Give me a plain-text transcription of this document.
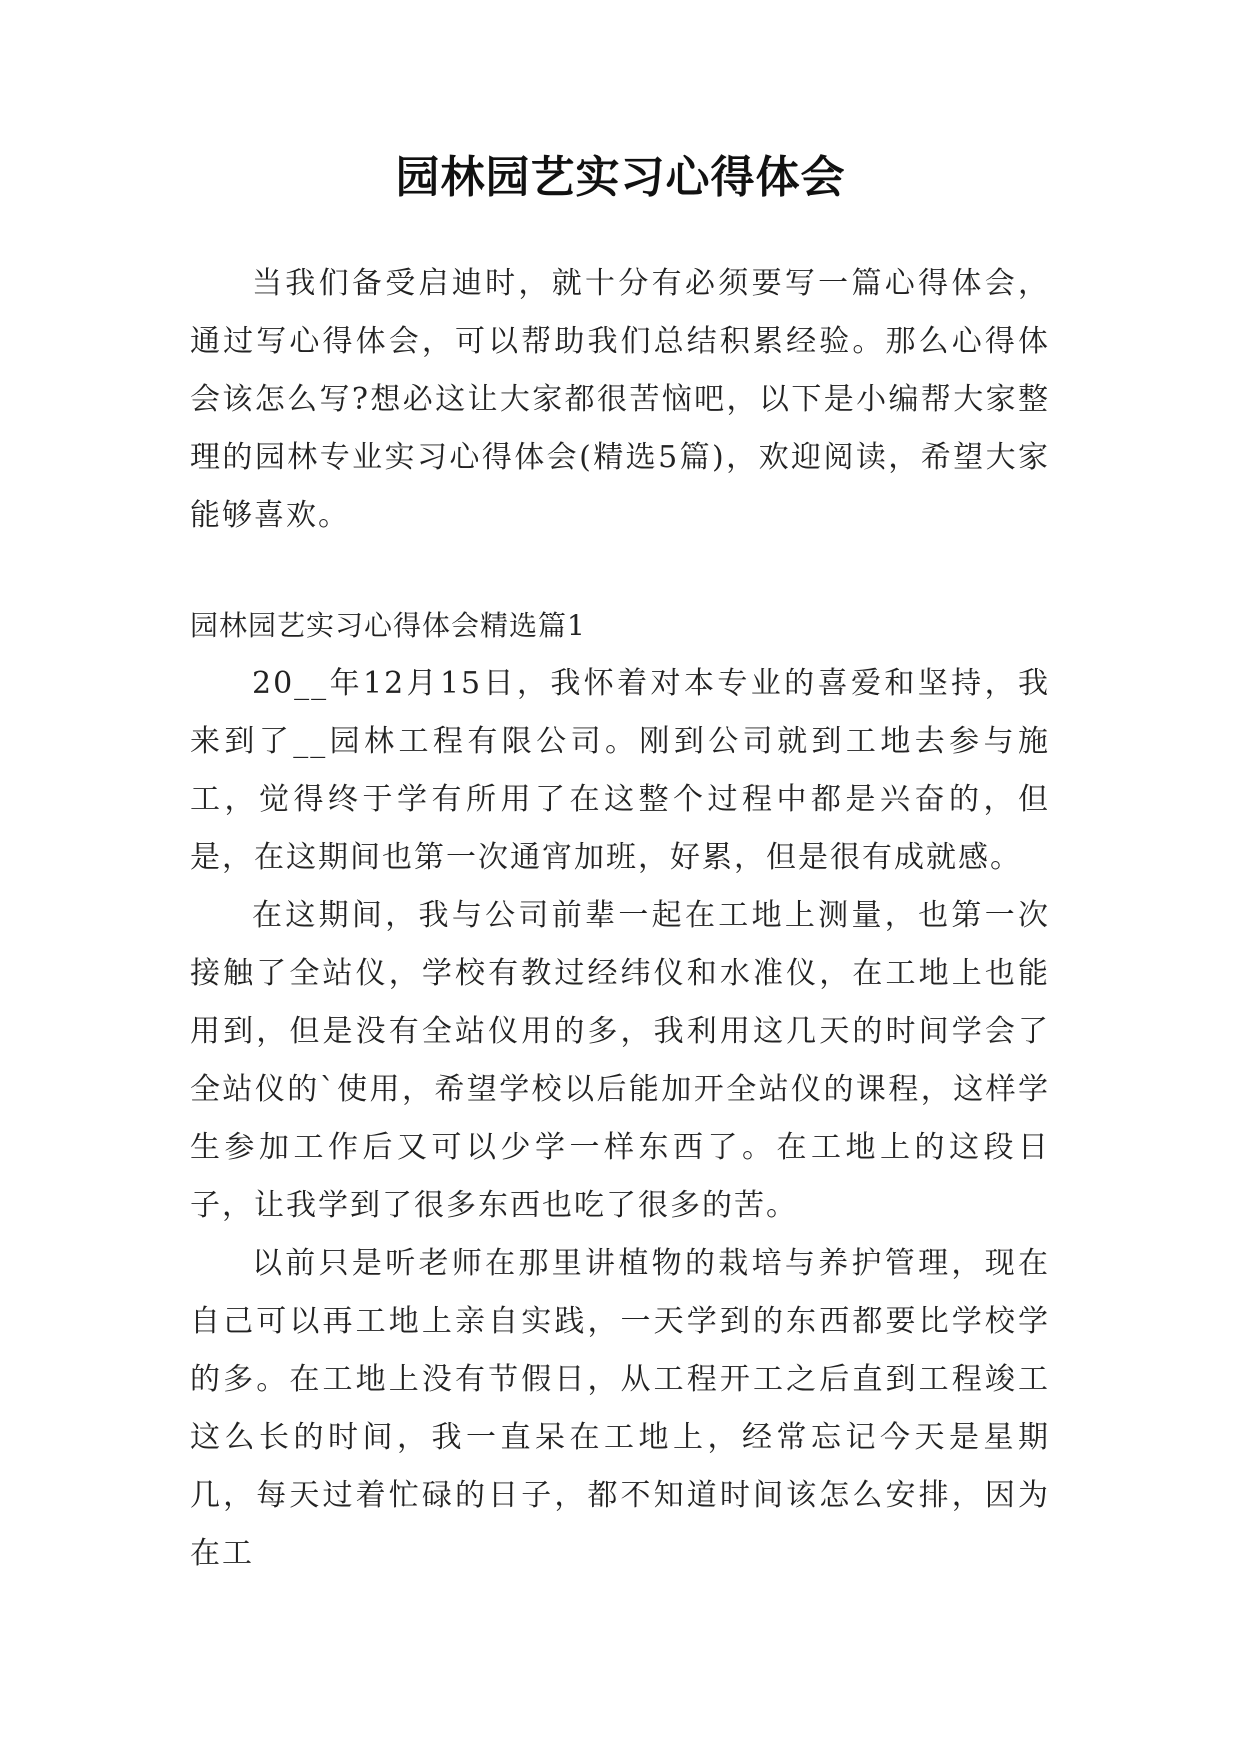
园林园艺实习心得体会

当我们备受启迪时，就十分有必须要写一篇心得体会，通过写心得体会，可以帮助我们总结积累经验。那么心得体会该怎么写?想必这让大家都很苦恼吧，以下是小编帮大家整理的园林专业实习心得体会(精选5篇)，欢迎阅读，希望大家能够喜欢。

园林园艺实习心得体会精选篇1

20__年12月15日，我怀着对本专业的喜爱和坚持，我来到了__园林工程有限公司。刚到公司就到工地去参与施工，觉得终于学有所用了在这整个过程中都是兴奋的，但是，在这期间也第一次通宵加班，好累，但是很有成就感。

在这期间，我与公司前辈一起在工地上测量，也第一次接触了全站仪，学校有教过经纬仪和水准仪，在工地上也能用到，但是没有全站仪用的多，我利用这几天的时间学会了全站仪的`使用，希望学校以后能加开全站仪的课程，这样学生参加工作后又可以少学一样东西了。在工地上的这段日子，让我学到了很多东西也吃了很多的苦。

以前只是听老师在那里讲植物的栽培与养护管理，现在自己可以再工地上亲自实践，一天学到的东西都要比学校学的多。在工地上没有节假日，从工程开工之后直到工程竣工这么长的时间，我一直呆在工地上，经常忘记今天是星期几，每天过着忙碌的日子，都不知道时间该怎么安排，因为在工
